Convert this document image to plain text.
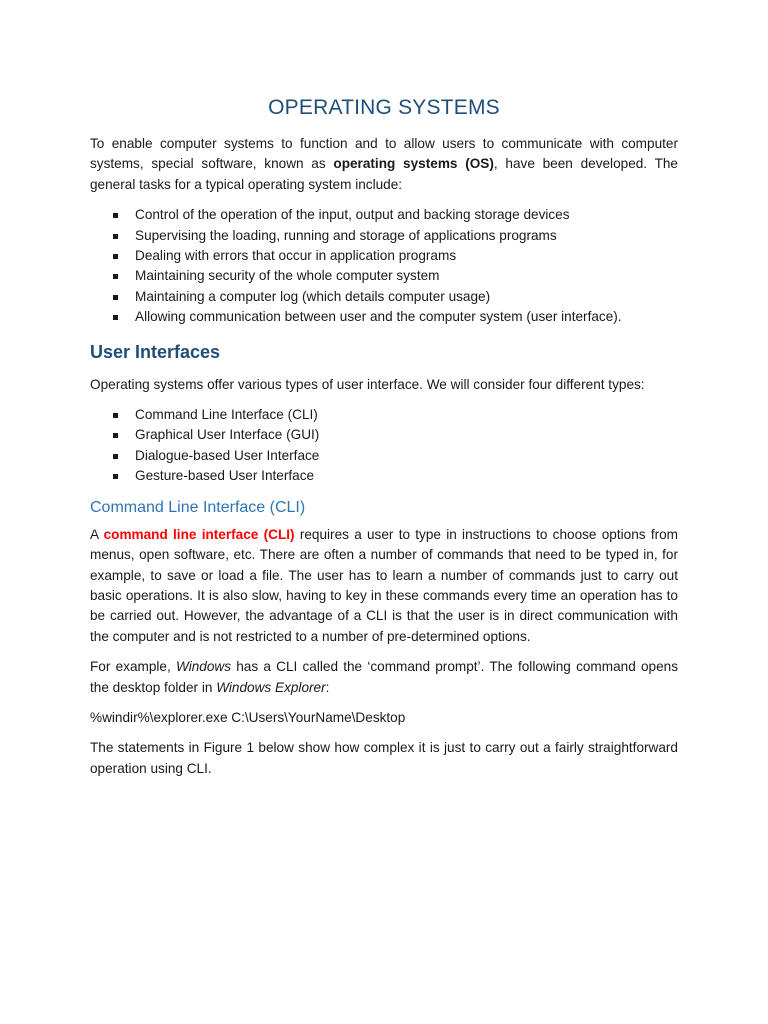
OPERATING SYSTEMS

To enable computer systems to function and to allow users to communicate with computer systems, special software, known as operating systems (OS), have been developed. The general tasks for a typical operating system include:

Control of the operation of the input, output and backing storage devices
Supervising the loading, running and storage of applications programs
Dealing with errors that occur in application programs
Maintaining security of the whole computer system
Maintaining a computer log (which details computer usage)
Allowing communication between user and the computer system (user interface).
User Interfaces

Operating systems offer various types of user interface. We will consider four different types:

Command Line Interface (CLI)
Graphical User Interface (GUI)
Dialogue-based User Interface
Gesture-based User Interface
Command Line Interface (CLI)

A command line interface (CLI) requires a user to type in instructions to choose options from menus, open software, etc. There are often a number of commands that need to be typed in, for example, to save or load a file. The user has to learn a number of commands just to carry out basic operations. It is also slow, having to key in these commands every time an operation has to be carried out. However, the advantage of a CLI is that the user is in direct communication with the computer and is not restricted to a number of pre-determined options.

For example, Windows has a CLI called the ‘command prompt’. The following command opens the desktop folder in Windows Explorer:

%windir%\explorer.exe C:\Users\YourName\Desktop

The statements in Figure 1 below show how complex it is just to carry out a fairly straightforward operation using CLI.
